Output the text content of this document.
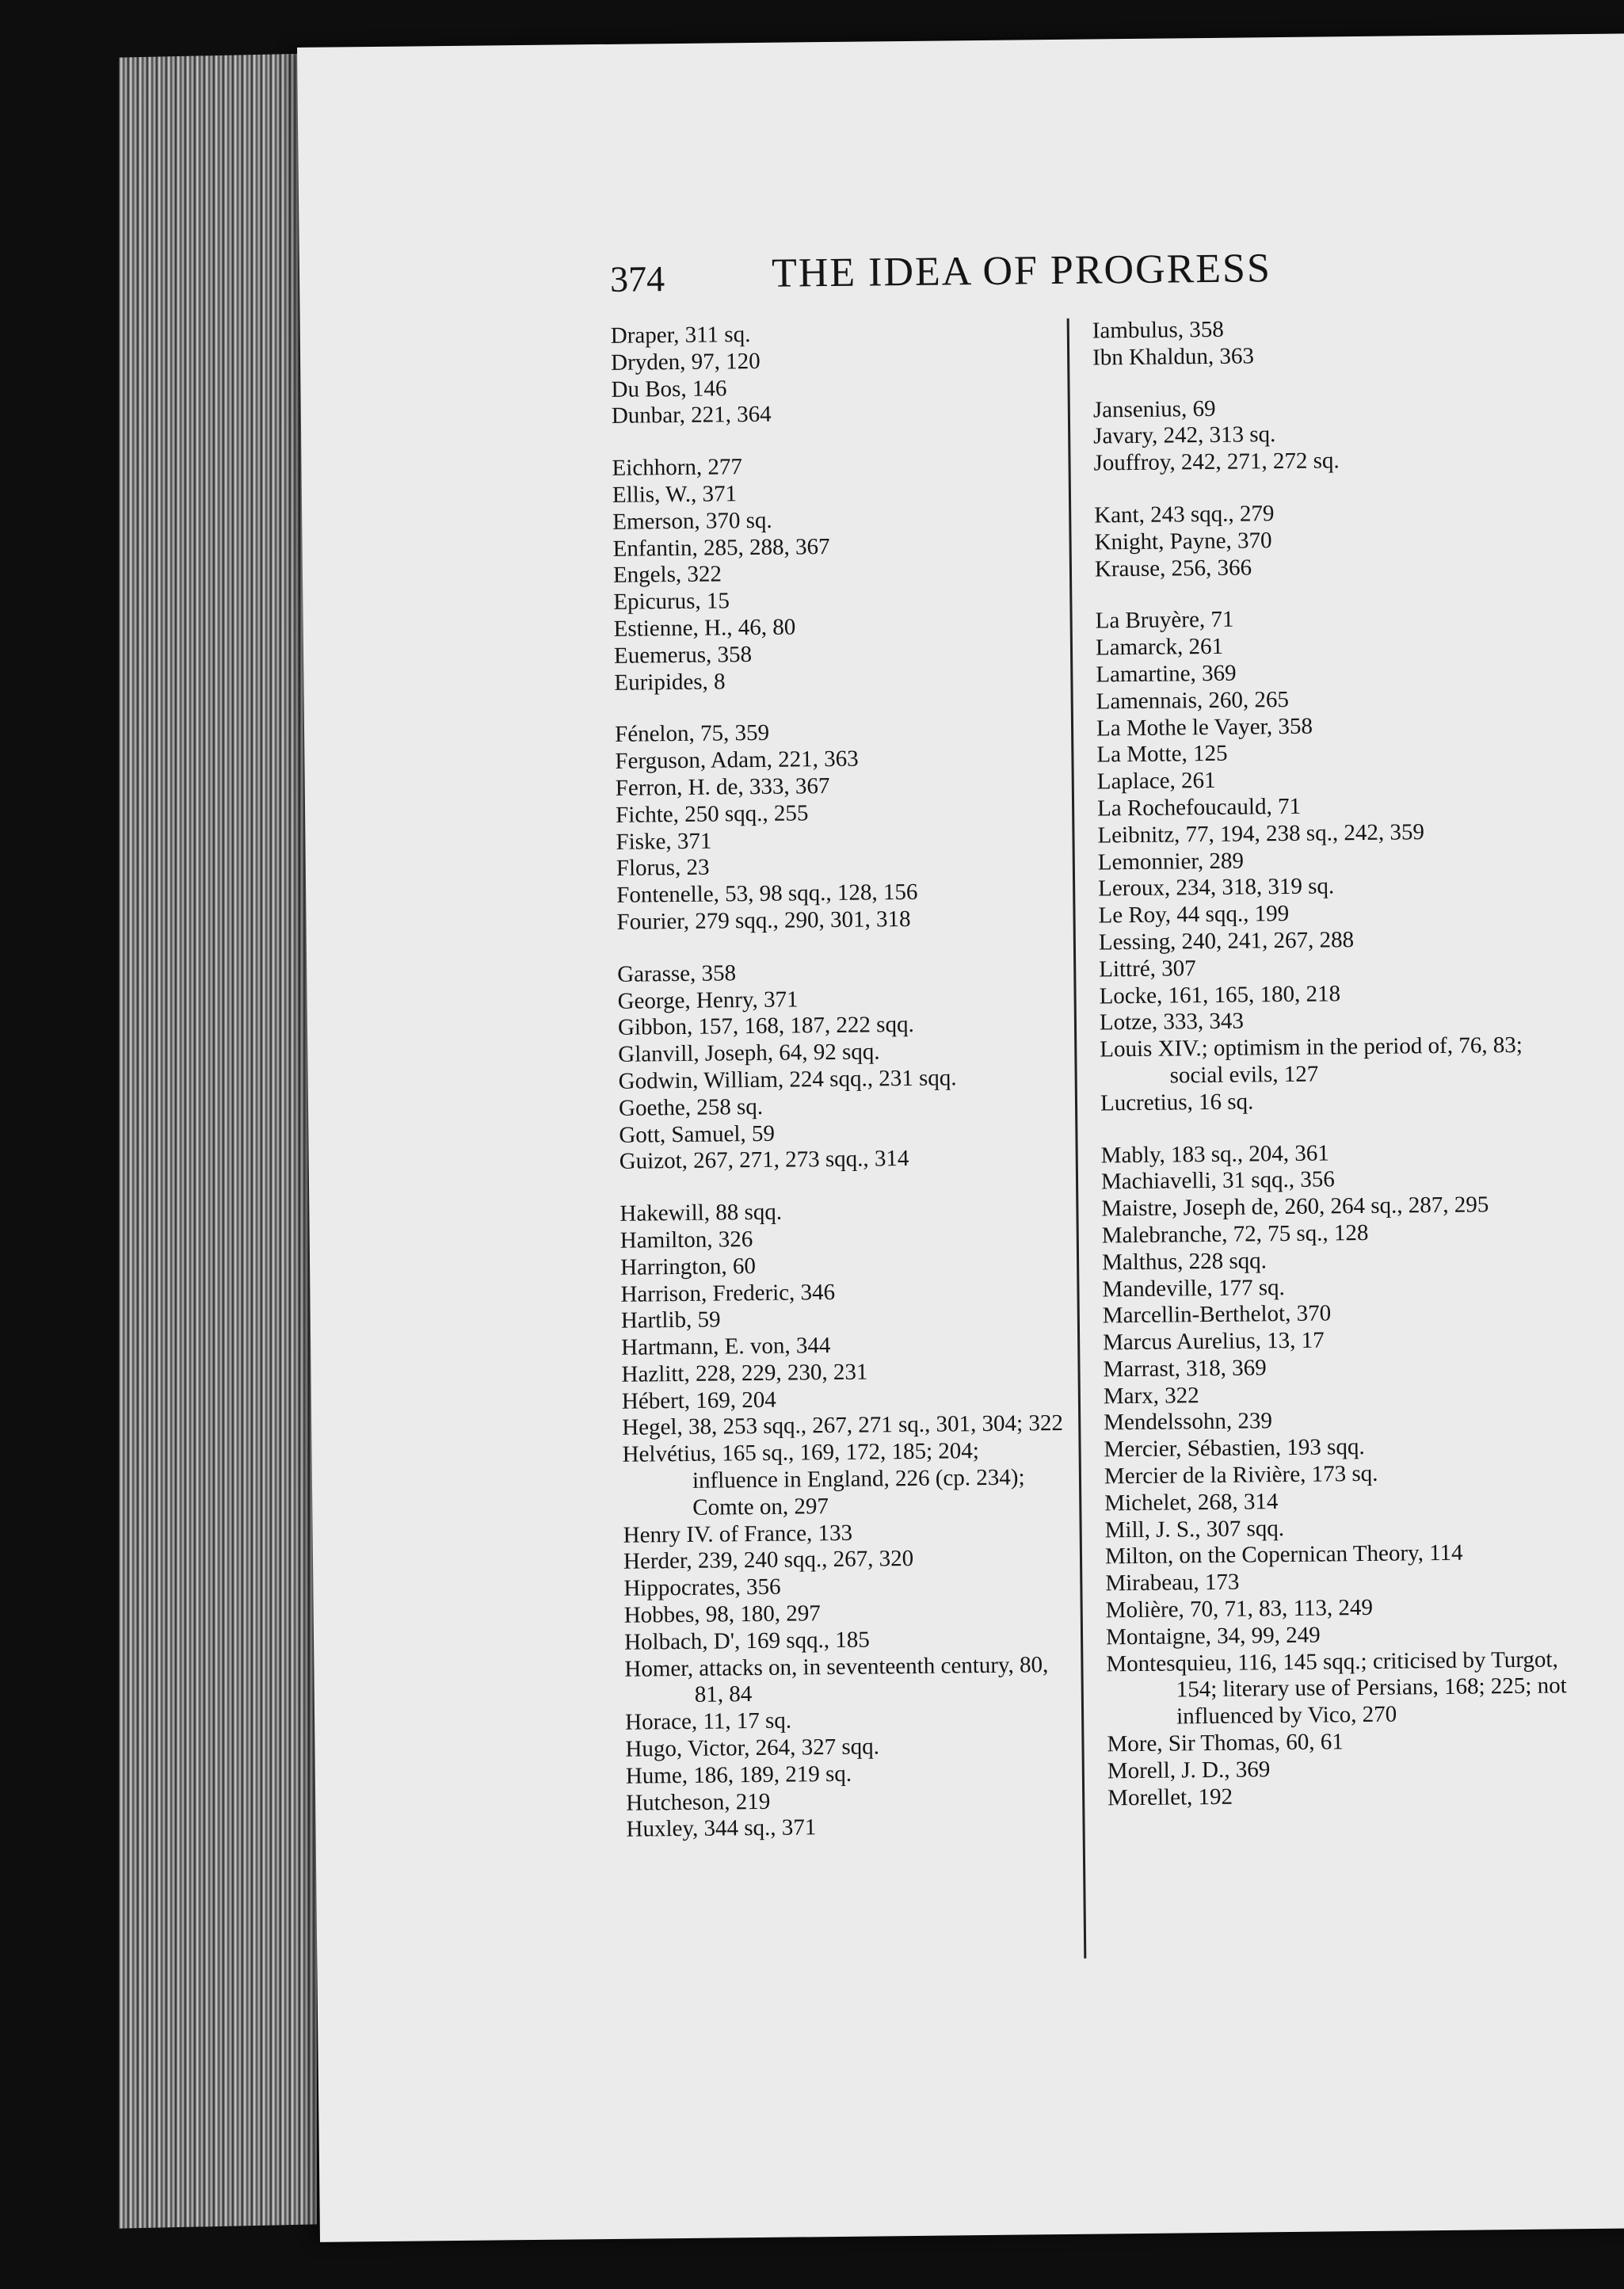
374	THE IDEA OF PROGRESS
Draper, 311 sq.
Dryden, 97, 120
Du Bos, 146
Dunbar, 221, 364
Eichhorn, 277
Ellis, W., 371
Emerson, 370 sq.
Enfantin, 285, 288, 367
Engels, 322
Epicurus, 15
Estienne, H., 46, 80
Euemerus, 358
Euripides, 8
Fénelon, 75, 359
Ferguson, Adam, 221, 363
Ferron, H. de, 333, 367
Fichte, 250 sqq., 255
Fiske, 371
Florus, 23
Fontenelle, 53, 98 sqq., 128, 156
Fourier, 279 sqq., 290, 301, 318
Garasse, 358
George, Henry, 371
Gibbon, 157, 168, 187, 222 sqq.
Glanvill, Joseph, 64, 92 sqq.
Godwin, William, 224 sqq., 231 sqq.
Goethe, 258 sq.
Gott, Samuel, 59
Guizot, 267, 271, 273 sqq., 314
Hakewill, 88 sqq.
Hamilton, 326
Harrington, 60
Harrison, Frederic, 346
Hartlib, 59
Hartmann, E. von, 344
Hazlitt, 228, 229, 230, 231
Hébert, 169, 204
Hegel, 38, 253 sqq., 267, 271 sq., 301, 304; 322
Helvétius, 165 sq., 169, 172, 185; 204; influence in England, 226 (cp. 234); Comte on, 297
Henry IV. of France, 133
Herder, 239, 240 sqq., 267, 320
Hippocrates, 356
Hobbes, 98, 180, 297
Holbach, D', 169 sqq., 185
Homer, attacks on, in seventeenth century, 80, 81, 84
Horace, 11, 17 sq.
Hugo, Victor, 264, 327 sqq.
Hume, 186, 189, 219 sq.
Hutcheson, 219
Huxley, 344 sq., 371
Iambulus, 358
Ibn Khaldun, 363
Jansenius, 69
Javary, 242, 313 sq.
Jouffroy, 242, 271, 272 sq.
Kant, 243 sqq., 279
Knight, Payne, 370
Krause, 256, 366
La Bruyère, 71
Lamarck, 261
Lamartine, 369
Lamennais, 260, 265
La Mothe le Vayer, 358
La Motte, 125
Laplace, 261
La Rochefoucauld, 71
Leibnitz, 77, 194, 238 sq., 242, 359
Lemonnier, 289
Leroux, 234, 318, 319 sq.
Le Roy, 44 sqq., 199
Lessing, 240, 241, 267, 288
Littré, 307
Locke, 161, 165, 180, 218
Lotze, 333, 343
Louis XIV.; optimism in the period of, 76, 83; social evils, 127
Lucretius, 16 sq.
Mably, 183 sq., 204, 361
Machiavelli, 31 sqq., 356
Maistre, Joseph de, 260, 264 sq., 287, 295
Malebranche, 72, 75 sq., 128
Malthus, 228 sqq.
Mandeville, 177 sq.
Marcellin-Berthelot, 370
Marcus Aurelius, 13, 17
Marrast, 318, 369
Marx, 322
Mendelssohn, 239
Mercier, Sébastien, 193 sqq.
Mercier de la Rivière, 173 sq.
Michelet, 268, 314
Mill, J. S., 307 sqq.
Milton, on the Copernican Theory, 114
Mirabeau, 173
Molière, 70, 71, 83, 113, 249
Montaigne, 34, 99, 249
Montesquieu, 116, 145 sqq.; criticised by Turgot, 154; literary use of Persians, 168; 225; not influenced by Vico, 270
More, Sir Thomas, 60, 61
Morell, J. D., 369
Morellet, 192
